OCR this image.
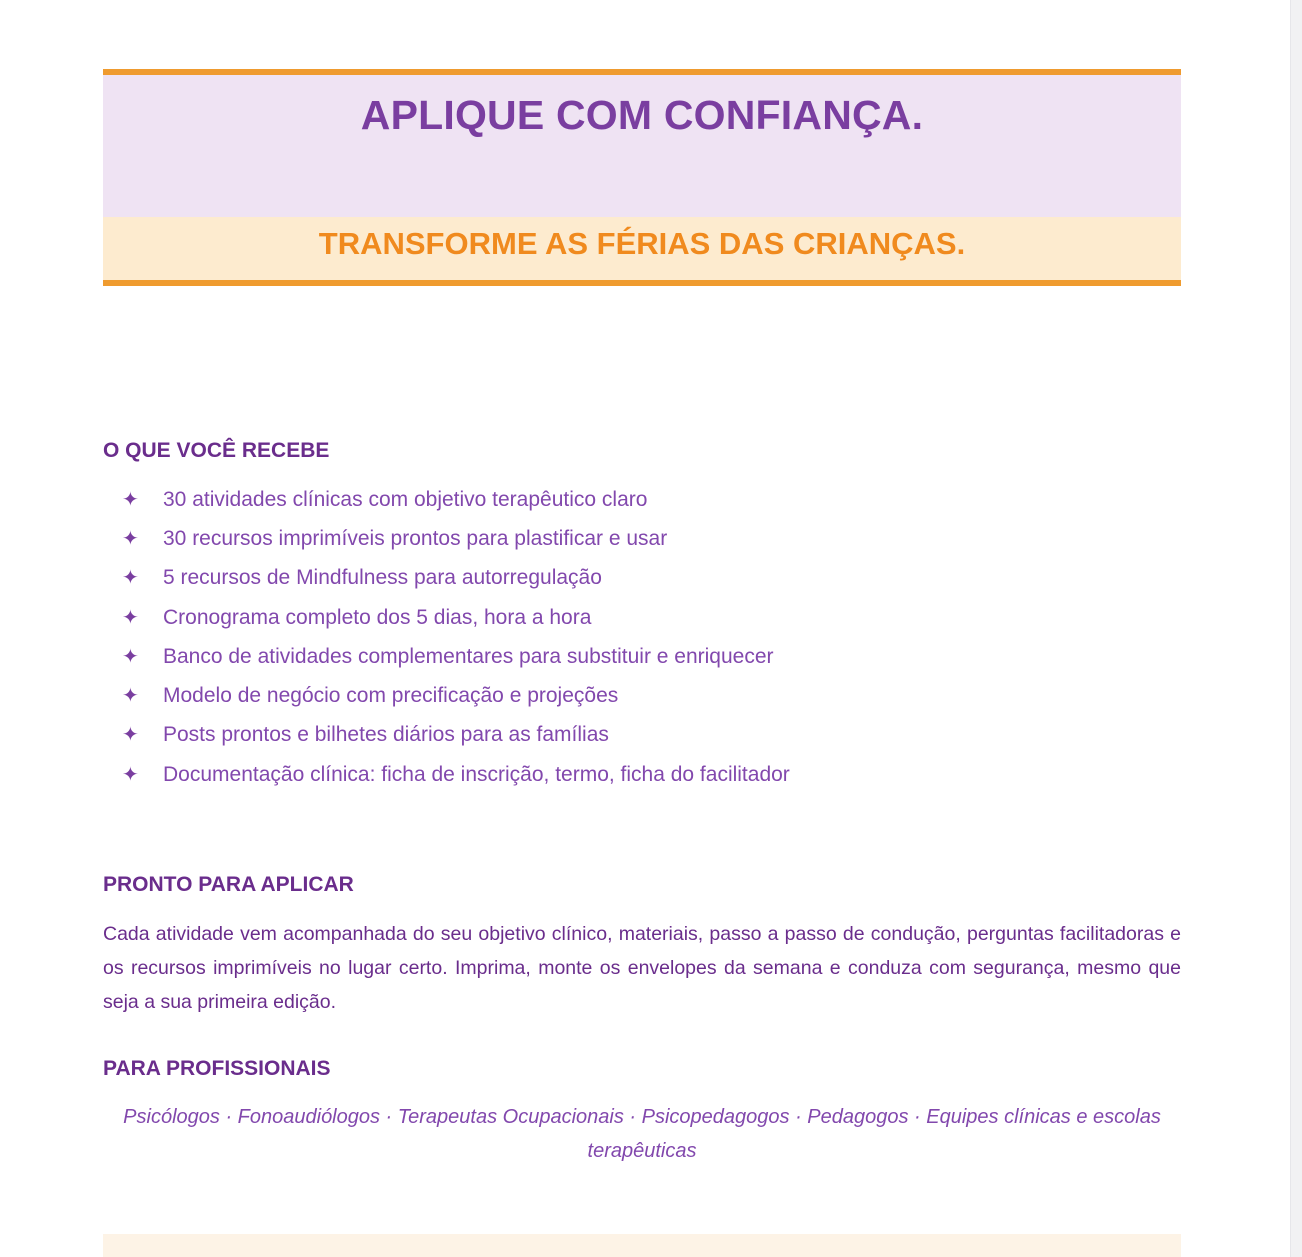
APLIQUE COM CONFIANÇA.
TRANSFORME AS FÉRIAS DAS CRIANÇAS.
O QUE VOCÊ RECEBE
✦	30 atividades clínicas com objetivo terapêutico claro
✦	30 recursos imprimíveis prontos para plastificar e usar
✦	5 recursos de Mindfulness para autorregulação
✦	Cronograma completo dos 5 dias, hora a hora
✦	Banco de atividades complementares para substituir e enriquecer
✦	Modelo de negócio com precificação e projeções
✦	Posts prontos e bilhetes diários para as famílias
✦	Documentação clínica: ficha de inscrição, termo, ficha do facilitador
PRONTO PARA APLICAR

Cada atividade vem acompanhada do seu objetivo clínico, materiais, passo a passo de condução, perguntas facilitadoras e os recursos imprimíveis no lugar certo. Imprima, monte os envelopes da semana e conduza com segurança, mesmo que seja a sua primeira edição.

PARA PROFISSIONAIS

Psicólogos · Fonoaudiólogos · Terapeutas Ocupacionais · Psicopedagogos · Pedagogos · Equipes clínicas e escolas terapêuticas
